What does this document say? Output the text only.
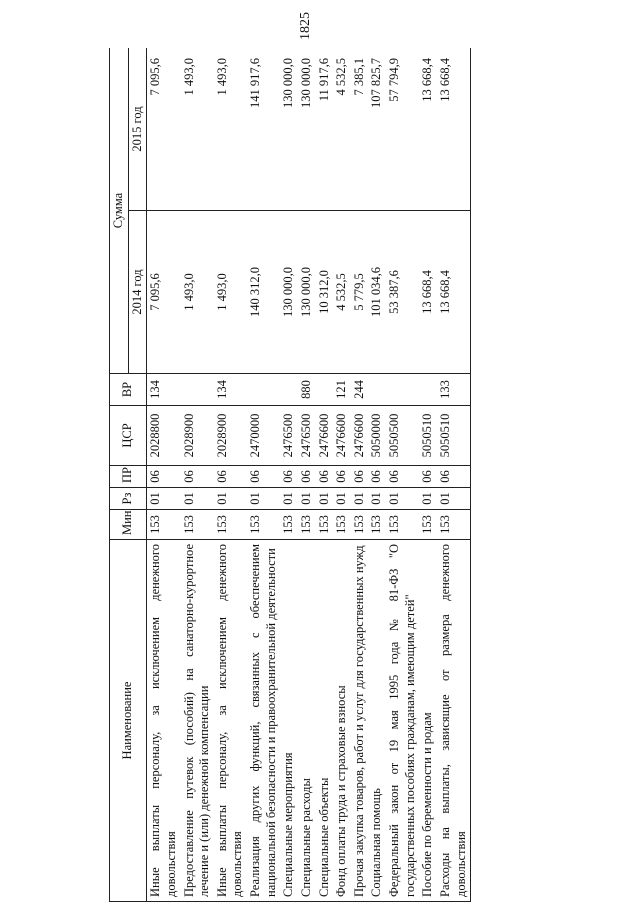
1825
Наименование	Мин	Рз	ПР	ЦСР	ВР	Сумма	
						2014 год	2015 год
Иные выплаты персоналу, за исключением денежного довольствия	153	01	06	2028800	134	7 095,6	7 095,6
Предоставление путевок (пособий) на санаторно-курортное лечение и (или) денежной компенсации	153	01	06	2028900		1 493,0	1 493,0
Иные выплаты персоналу, за исключением денежного довольствия	153	01	06	2028900	134	1 493,0	1 493,0
Реализация других функций, связанных с обеспечением национальной безопасности и правоохранительной деятельности	153	01	06	2470000		140 312,0	141 917,6
Специальные мероприятия	153	01	06	2476500		130 000,0	130 000,0
Специальные расходы	153	01	06	2476500	880	130 000,0	130 000,0
Специальные объекты	153	01	06	2476600		10 312,0	11 917,6
Фонд оплаты труда и страховые взносы	153	01	06	2476600	121	4 532,5	4 532,5
Прочая закупка товаров, работ и услуг для государственных нужд	153	01	06	2476600	244	5 779,5	7 385,1
Социальная помощь	153	01	06	5050000		101 034,6	107 825,7
Федеральный закон от 19 мая 1995 года № 81-ФЗ "О государственных пособиях гражданам, имеющим детей"	153	01	06	5050500		53 387,6	57 794,9
Пособие по беременности и родам	153	01	06	5050510		13 668,4	13 668,4
Расходы на выплаты, зависящие от размера денежного довольствия	153	01	06	5050510	133	13 668,4	13 668,4
